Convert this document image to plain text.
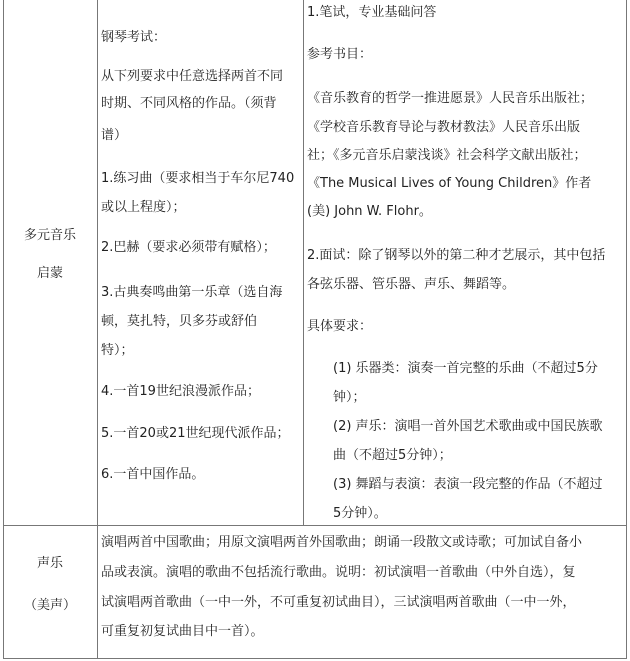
多元音乐

启蒙

钢琴考试：

从下列要求中任意选择两首不同

时期、不同风格的作品。（须背

谱）

1.练习曲（要求相当于车尔尼740

或以上程度）；

2.巴赫（要求必须带有赋格）；

3.古典奏鸣曲第一乐章（选自海

顿，莫扎特，贝多芬或舒伯

特）；

4.一首19世纪浪漫派作品；

5.一首20或21世纪现代派作品；

6.一首中国作品。

1.笔试，专业基础问答

参考书目：

《音乐教育的哲学一推进愿景》人民音乐出版社；

《学校音乐教育导论与教材教法》人民音乐出版

社；《多元音乐启蒙浅谈》社会科学文献出版社；

《The Musical Lives of Young Children》作者

(美) John W. Flohr。

2.面试：除了钢琴以外的第二种才艺展示，其中包括

各弦乐器、管乐器、声乐、舞蹈等。

具体要求：

(1) 乐器类：演奏一首完整的乐曲（不超过5分

钟）；

(2) 声乐：演唱一首外国艺术歌曲或中国民族歌

曲（不超过5分钟）；

(3) 舞蹈与表演：表演一段完整的作品（不超过

5分钟）。

声乐

（美声）

演唱两首中国歌曲；用原文演唱两首外国歌曲；朗诵一段散文或诗歌；可加试自备小

品或表演。演唱的歌曲不包括流行歌曲。说明：初试演唱一首歌曲（中外自选），复

试演唱两首歌曲（一中一外，不可重复初试曲目），三试演唱两首歌曲（一中一外，

可重复初复试曲目中一首）。
